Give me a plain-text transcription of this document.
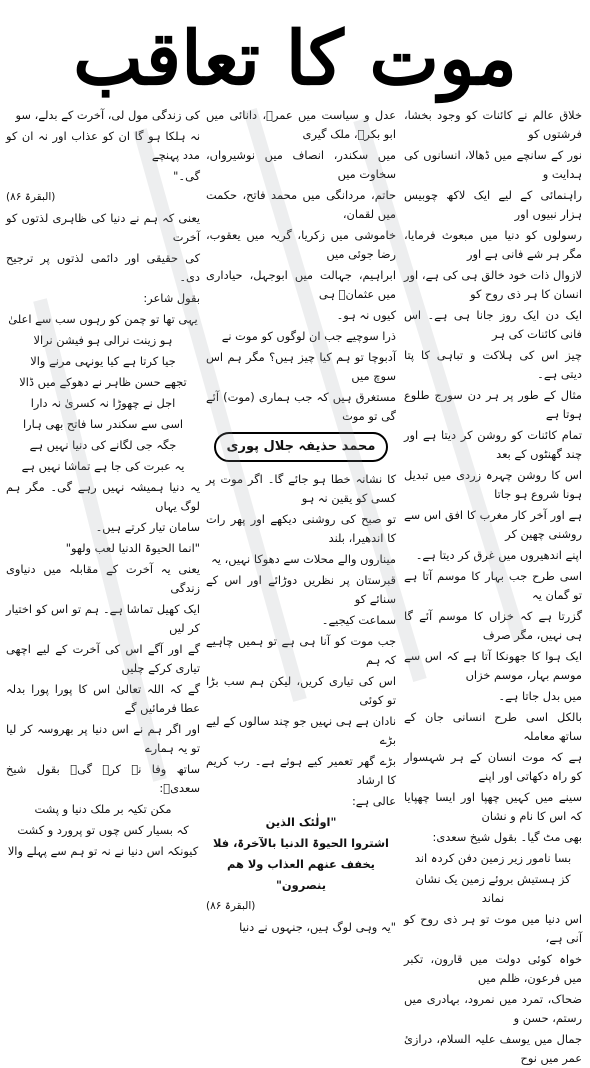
موت کا تعاقب

خلاق عالم نے کائنات کو وجود بخشا، فرشتوں کو

نور کے سانچے میں ڈھالا، انسانوں کی ہدایت و

راہنمائی کے لیے ایک لاکھ چوبیس ہزار نبیوں اور

رسولوں کو دنیا میں مبعوث فرمایا، مگر ہر شے فانی ہے اور

لازوال ذات خود خالق ہی کی ہے، اور انسان کا ہر ذی روح کو

ایک دن ایک روز جانا ہی ہے۔ اس فانی کائنات کی ہر

چیز اس کی ہلاکت و تباہی کا پتا دیتی ہے۔

مثال کے طور پر ہر دن سورج طلوع ہوتا ہے

تمام کائنات کو روشن کر دیتا ہے اور چند گھنٹوں کے بعد

اس کا روشن چہرہ زردی میں تبدیل ہونا شروع ہو جاتا

ہے اور آخر کار مغرب کا افق اس سے روشنی چھین کر

اپنے اندھیروں میں غرق کر دیتا ہے۔

اسی طرح جب بہار کا موسم آتا ہے تو گمان یہ

گزرتا ہے کہ خزاں کا موسم آئے گا ہی نہیں، مگر صرف

ایک ہوا کا جھونکا آتا ہے کہ اس سے موسم بہار، موسم خزاں

میں بدل جاتا ہے۔

بالکل اسی طرح انسانی جان کے ساتھ معاملہ

ہے کہ موت انسان کے ہر شہسوار کو راہ دکھاتی اور اپنے

سینے میں کہیں چھپا اور ایسا چھپایا کہ اس کا نام و نشان

بھی مٹ گیا۔ بقول شیخ سعدی:

بسا نامور زیر زمین دفن کردہ اند

کز ہستیش بروئے زمین یک نشان نماند

اس دنیا میں موت تو ہر ذی روح کو آنی ہے،

خواہ کوئی دولت میں قارون، تکبر میں فرعون، ظلم میں

ضحاک، تمرد میں نمرود، بہادری میں رستم، حسن و

جمال میں یوسف علیہ السلام، درازئ عمر میں نوح

عدل و سیاست میں عمرؓ، دانائی میں ابو بکرؓ، ملک گیری

میں سکندر، انصاف میں نوشیرواں، سخاوت میں

حاتم، مردانگی میں محمد فاتح، حکمت میں لقمان،

خاموشی میں زکریا، گریہ میں یعقوب، رضا جوئی میں

ابراہیم، جہالت میں ابوجہل، حیاداری میں عثمانؓ ہی

کیوں نہ ہو۔

ذرا سوچیے جب ان لوگوں کو موت نے

آدبوچا تو ہم کیا چیز ہیں؟ مگر ہم اس سوچ میں

مستغرق ہیں کہ جب ہماری (موت) آئے گی تو موت

محمد حذیفہ جلال پوری

کا نشانہ خطا ہو جائے گا۔ اگر موت پر کسی کو یقین نہ ہو

تو صبح کی روشنی دیکھے اور پھر رات کا اندھیرا، بلند

میناروں والے محلات سے دھوکا نہیں، یہ

قبرستان پر نظریں دوڑائے اور اس کے سنائے کو

سماعت کیجیے۔

جب موت کو آنا ہی ہے تو ہمیں چاہیے کہ ہم

اس کی تیاری کریں، لیکن ہم سب بڑا تو کوئی

نادان ہے ہی نہیں جو چند سالوں کے لیے بڑے

بڑے گھر تعمیر کیے ہوئے ہے۔ رب کریم کا ارشاد

عالی ہے:

"اولٰئک الذین

اشتروا الحیوۃ الدنیا بالآخرۃ، فلا

یخفف عنھم العذاب ولا ھم

ینصرون"

(البقرۃ ۸۶)

"یہ وہی لوگ ہیں، جنہوں نے دنیا

کی زندگی مول لی، آخرت کے بدلے، سو

نہ ہلکا ہو گا ان کو عذاب اور نہ ان کو مدد پہنچے

گی۔"

(البقرۃ ۸۶)

یعنی کہ ہم نے دنیا کی ظاہری لذتوں کو آخرت

کی حقیقی اور دائمی لذتوں پر ترجیح دی۔

بقول شاعر:

یہی تھا تو چمن کو رہوں سب سے اعلیٰ

ہو زینت نرالی ہو فیشن نرالا

جیا کرتا ہے کیا یونہی مرنے والا

تجھے حسن ظاہر نے دھوکے میں ڈالا

اجل نے چھوڑا نہ کسریٰ نہ دارا

اسی سے سکندر سا فاتح بھی ہارا

جگہ جی لگانے کی دنیا نہیں ہے

یہ عبرت کی جا ہے تماشا نہیں ہے

یہ دنیا ہمیشہ نہیں رہے گی۔ مگر ہم لوگ یہاں

سامان تیار کرتے ہیں۔

"انما الحیوۃ الدنیا لعب ولھو"

یعنی یہ آخرت کے مقابلہ میں دنیاوی زندگی

ایک کھیل تماشا ہے۔ ہم تو اس کو اختیار کر لیں

گے اور آگے اس کی آخرت کے لیے اچھی تیاری کرکے چلیں

گے کہ اللہ تعالیٰ اس کا پورا پورا بدلہ عطا فرمائیں گے

اور اگر ہم نے اس دنیا پر بھروسہ کر لیا تو یہ ہمارے

ساتھ وفا نہ کرے گی۔ بقول شیخ سعدیؒ:

مکن تکیہ بر ملک دنیا و پشت

کہ بسیار کس چوں تو پرورد و کشت

کیونکہ اس دنیا نے نہ تو ہم سے پہلے والا
